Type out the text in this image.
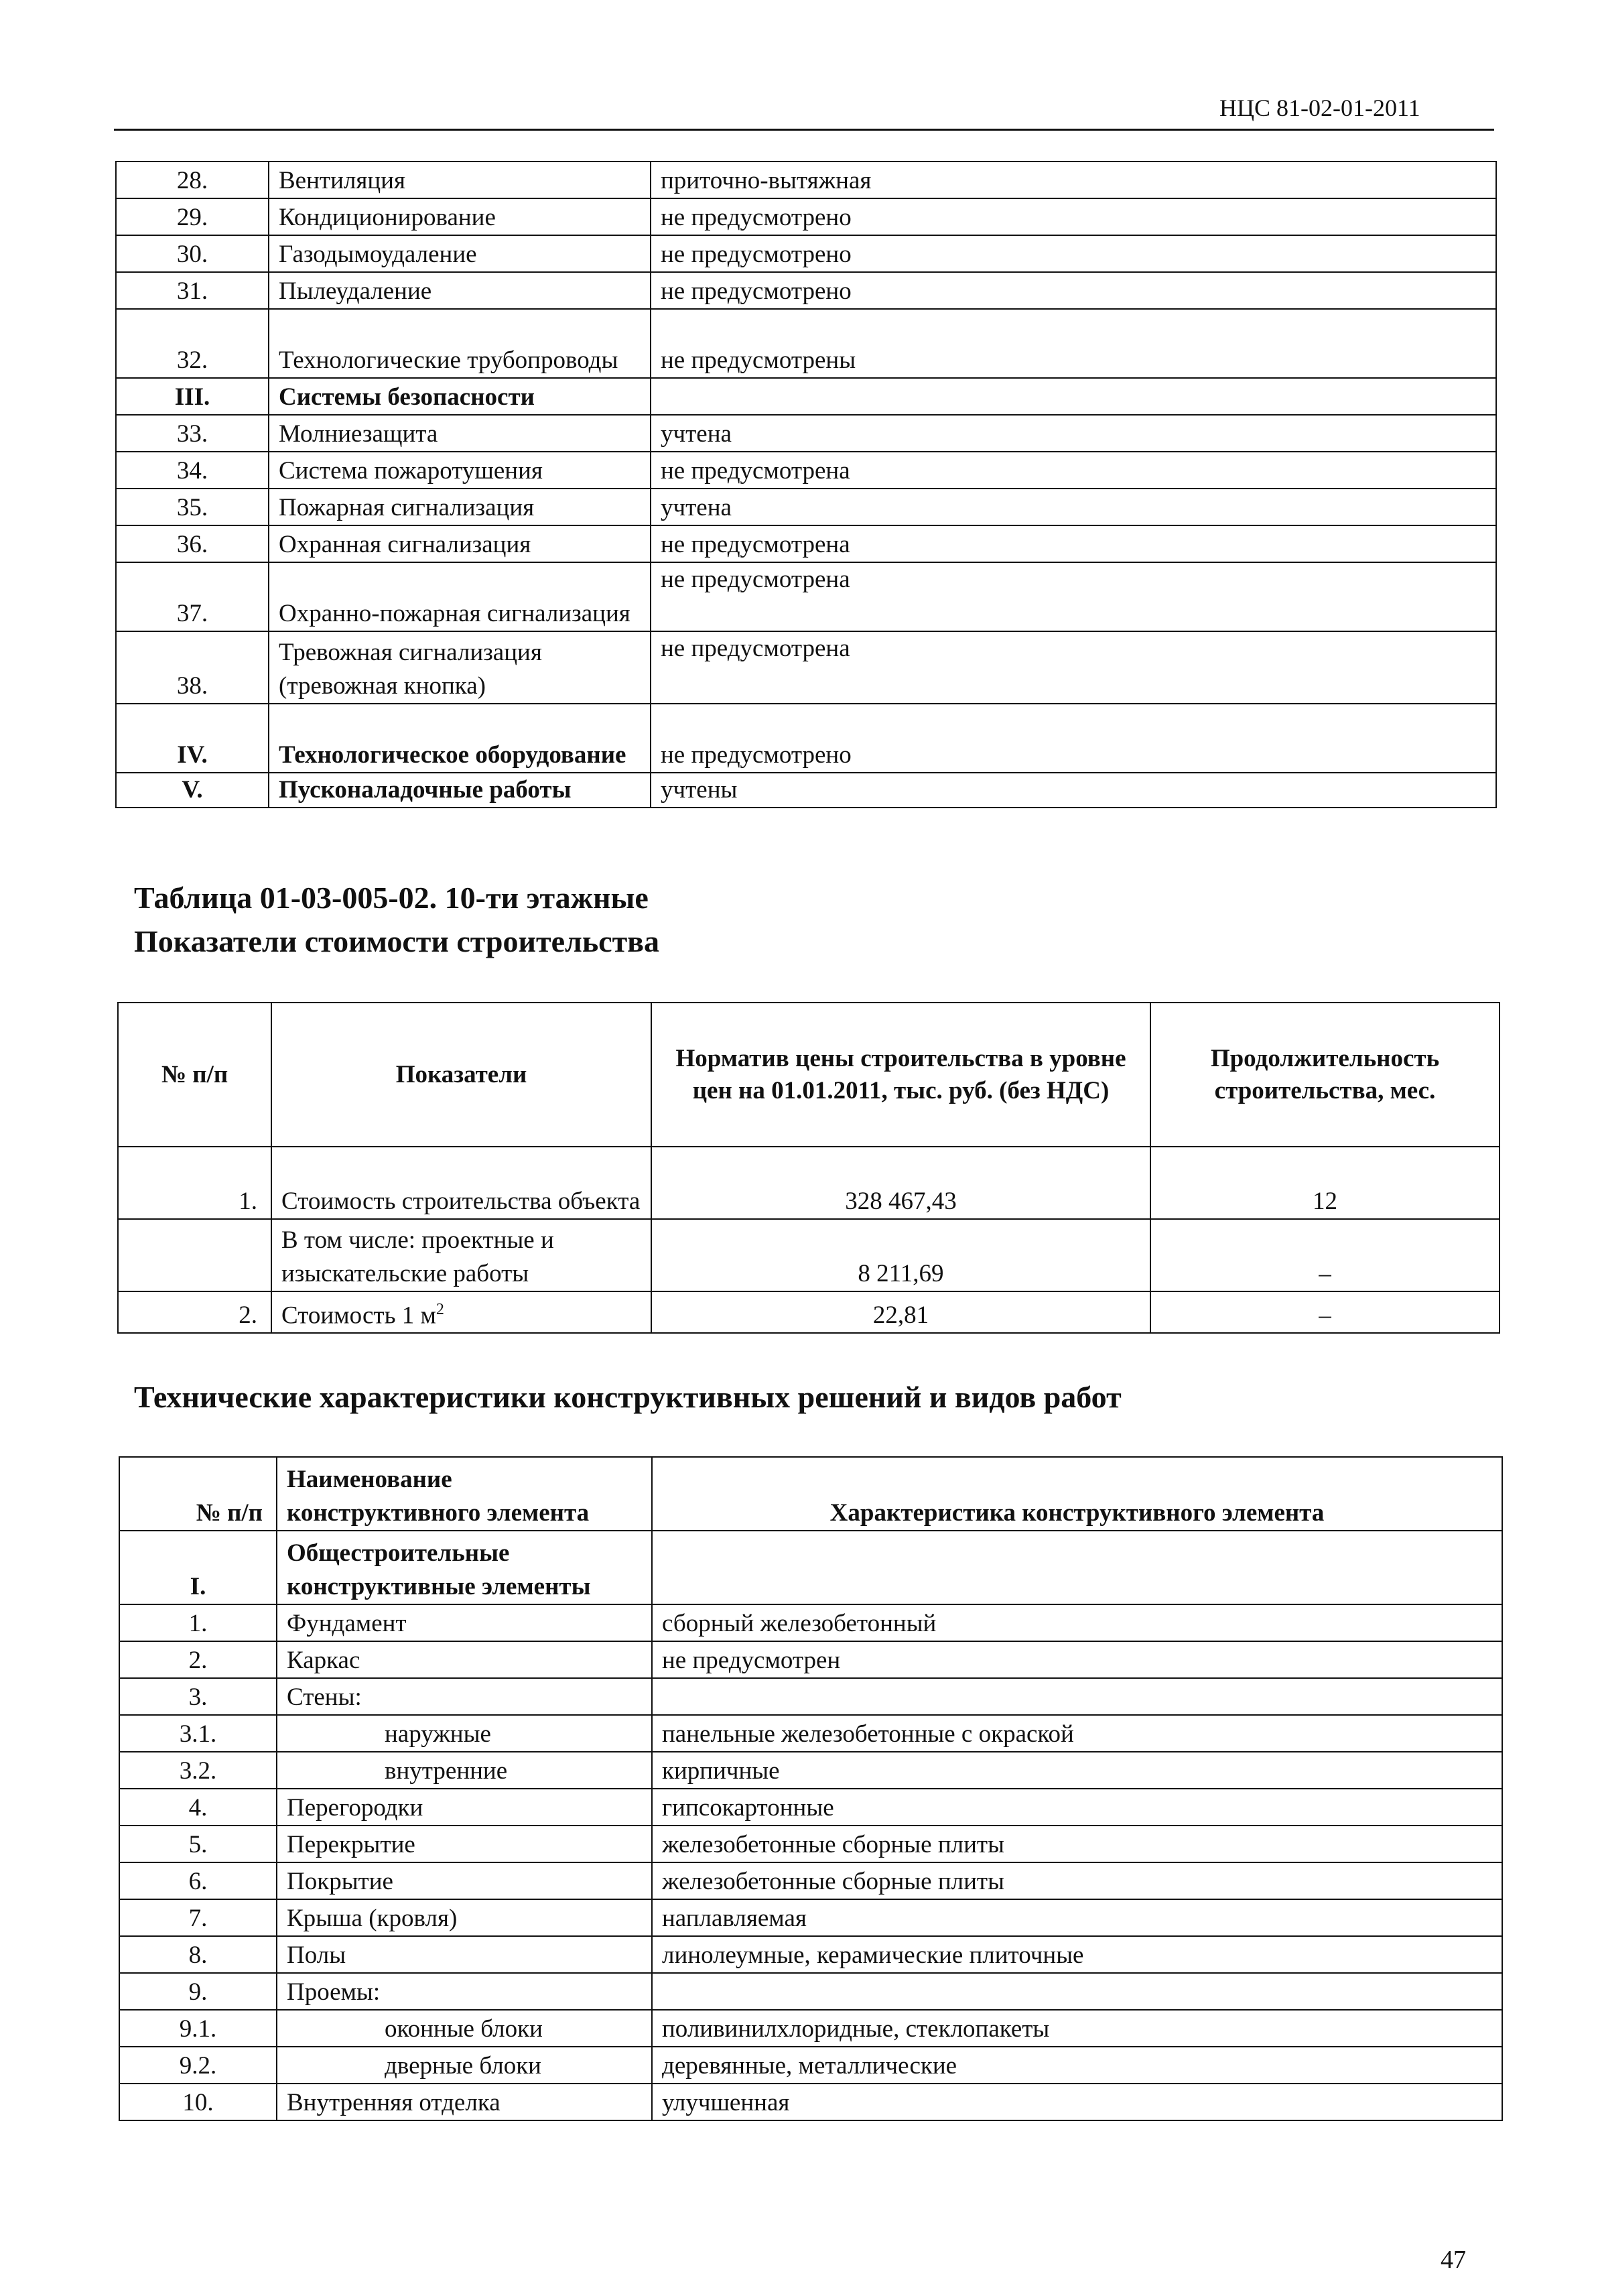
НЦС 81-02-01-2011
28.	Вентиляция	приточно-вытяжная
29.	Кондиционирование	не предусмотрено
30.	Газодымоудаление	не предусмотрено
31.	Пылеудаление	не предусмотрено
32.	Технологические трубопроводы	не предусмотрены
III.	Системы безопасности	
33.	Молниезащита	учтена
34.	Система пожаротушения	не предусмотрена
35.	Пожарная сигнализация	учтена
36.	Охранная сигнализация	не предусмотрена
37.	Охранно-пожарная сигнализация	не предусмотрена
38.	Тревожная сигнализация (тревожная кнопка)	не предусмотрена
IV.	Технологическое оборудование	не предусмотрено
V.	Пусконаладочные работы	учтены
Таблица 01-03-005-02. 10-ти этажные
Показатели стоимости строительства
№ п/п	Показатели	Норматив цены строительства в уровне цен на 01.01.2011, тыс. руб. (без НДС)	Продолжительность строительства, мес.
1.	Стоимость строительства объекта	328 467,43	12
	В том числе: проектные и изыскательские работы	8 211,69	–
2.	Стоимость 1 $м^2$	22,81	–
Технические характеристики конструктивных решений и видов работ
№ п/п	Наименование конструктивного элемента	Характеристика конструктивного элемента
I.	Общестроительные конструктивные элементы	
1.	Фундамент	сборный железобетонный
2.	Каркас	не предусмотрен
3.	Стены:	
3.1.	наружные	панельные железобетонные с окраской
3.2.	внутренние	кирпичные
4.	Перегородки	гипсокартонные
5.	Перекрытие	железобетонные сборные плиты
6.	Покрытие	железобетонные сборные плиты
7.	Крыша (кровля)	наплавляемая
8.	Полы	линолеумные, керамические плиточные
9.	Проемы:	
9.1.	оконные блоки	поливинилхлоридные, стеклопакеты
9.2.	дверные блоки	деревянные, металлические
10.	Внутренняя отделка	улучшенная
47
